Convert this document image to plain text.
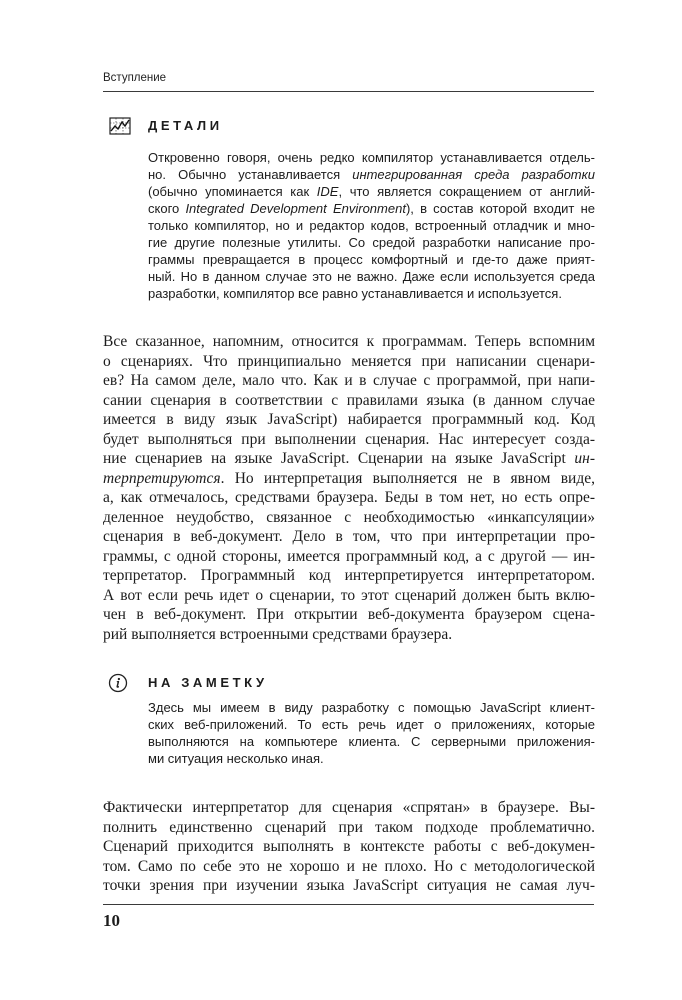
Вступление
ДЕТАЛИ
Откровенно говоря, очень редко компилятор устанавливается отдель-
но. Обычно устанавливается интегрированная среда разработки
(обычно упоминается как IDE, что является сокращением от англий-
ского Integrated Development Environment), в состав которой входит не
только компилятор, но и редактор кодов, встроенный отладчик и мно-
гие другие полезные утилиты. Со средой разработки написание про-
граммы превращается в процесс комфортный и где-то даже прият-
ный. Но в данном случае это не важно. Даже если используется среда
разработки, компилятор все равно устанавливается и используется.
Все сказанное, напомним, относится к программам. Теперь вспомним
о сценариях. Что принципиально меняется при написании сценари-
ев? На самом деле, мало что. Как и в случае с программой, при напи-
сании сценария в соответствии с правилами языка (в данном случае
имеется в виду язык JavaScript) набирается программный код. Код
будет выполняться при выполнении сценария. Нас интересует созда-
ние сценариев на языке JavaScript. Сценарии на языке JavaScript ин-
терпретируются. Но интерпретация выполняется не в явном виде,
а, как отмечалось, средствами браузера. Беды в том нет, но есть опре-
деленное неудобство, связанное с необходимостью «инкапсуляции»
сценария в веб-документ. Дело в том, что при интерпретации про-
граммы, с одной стороны, имеется программный код, а с другой — ин-
терпретатор. Программный код интерпретируется интерпретатором.
А вот если речь идет о сценарии, то этот сценарий должен быть вклю-
чен в веб-документ. При открытии веб-документа браузером сцена-
рий выполняется встроенными средствами браузера.
НА ЗАМЕТКУ
Здесь мы имеем в виду разработку с помощью JavaScript клиент-
ских веб-приложений. То есть речь идет о приложениях, которые
выполняются на компьютере клиента. С серверными приложения-
ми ситуация несколько иная.
Фактически интерпретатор для сценария «спрятан» в браузере. Вы-
полнить единственно сценарий при таком подходе проблематично.
Сценарий приходится выполнять в контексте работы с веб-докумен-
том. Само по себе это не хорошо и не плохо. Но с методологической
точки зрения при изучении языка JavaScript ситуация не самая луч-
10
